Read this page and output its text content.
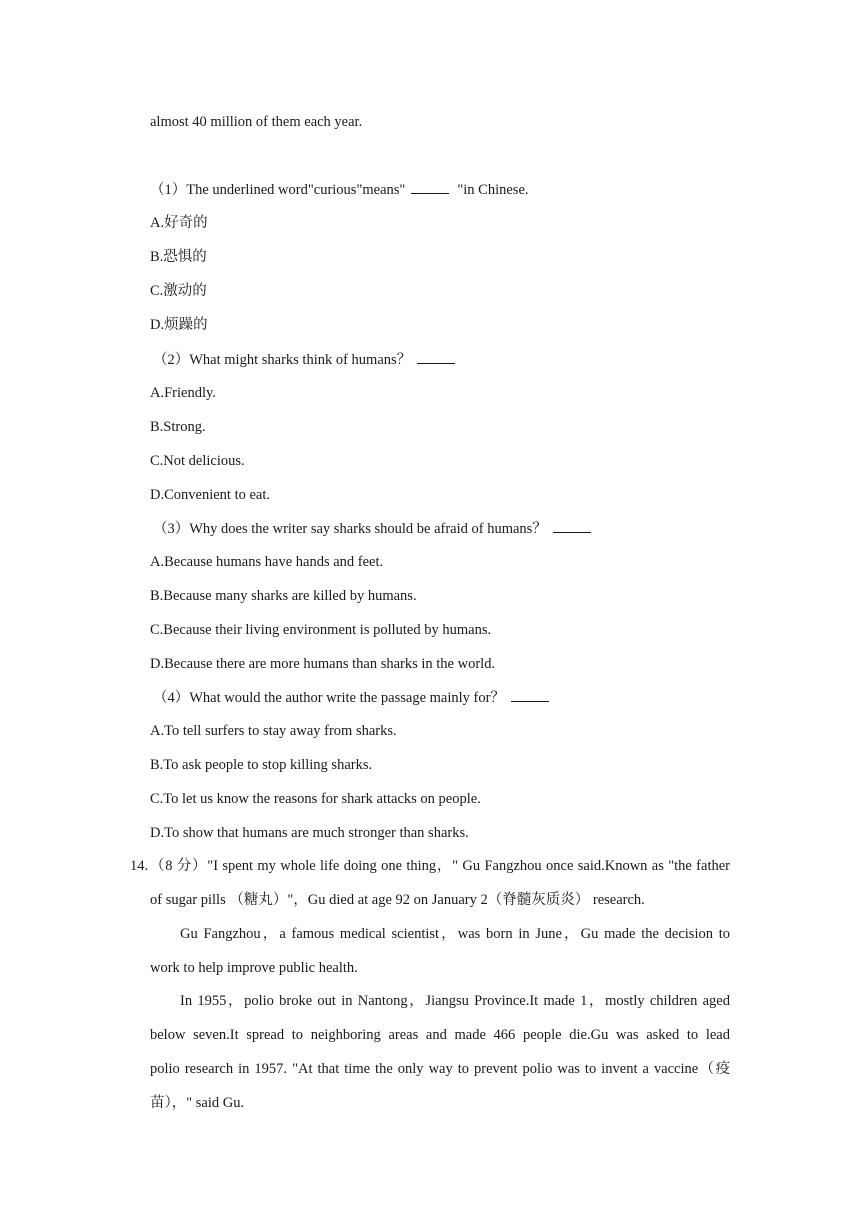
almost 40 million of them each year.
（1）The underlined word"curious"means"	"in Chinese.
A.好奇的
B.恐惧的
C.激动的
D.烦躁的
（2）What might sharks think of humans？
A.Friendly.
B.Strong.
C.Not delicious.
D.Convenient to eat.
（3）Why does the writer say sharks should be afraid of humans？
A.Because humans have hands and feet.
B.Because many sharks are killed by humans.
C.Because their living environment is polluted by humans.
D.Because there are more humans than sharks in the world.
（4）What would the author write the passage mainly for？
A.To tell surfers to stay away from sharks.
B.To ask people to stop killing sharks.
C.To let us know the reasons for shark attacks on people.
D.To show that humans are much stronger than sharks.
14. （8 分）"I spent my whole life doing one thing，" Gu Fangzhou once said.Known as "the father
of sugar pills （糖丸）"，Gu died at age 92 on January 2（脊髓灰质炎） research.
Gu Fangzhou，a famous medical scientist，was born in June，Gu made the decision to
work to help improve public health.
In 1955，polio broke out in Nantong，Jiangsu Province.It made 1，mostly children aged
below seven.It spread to neighboring areas and made 466 people die.Gu was asked to lead
polio research in 1957. "At that time the only way to prevent polio was to invent a vaccine（疫
苗），" said Gu.
